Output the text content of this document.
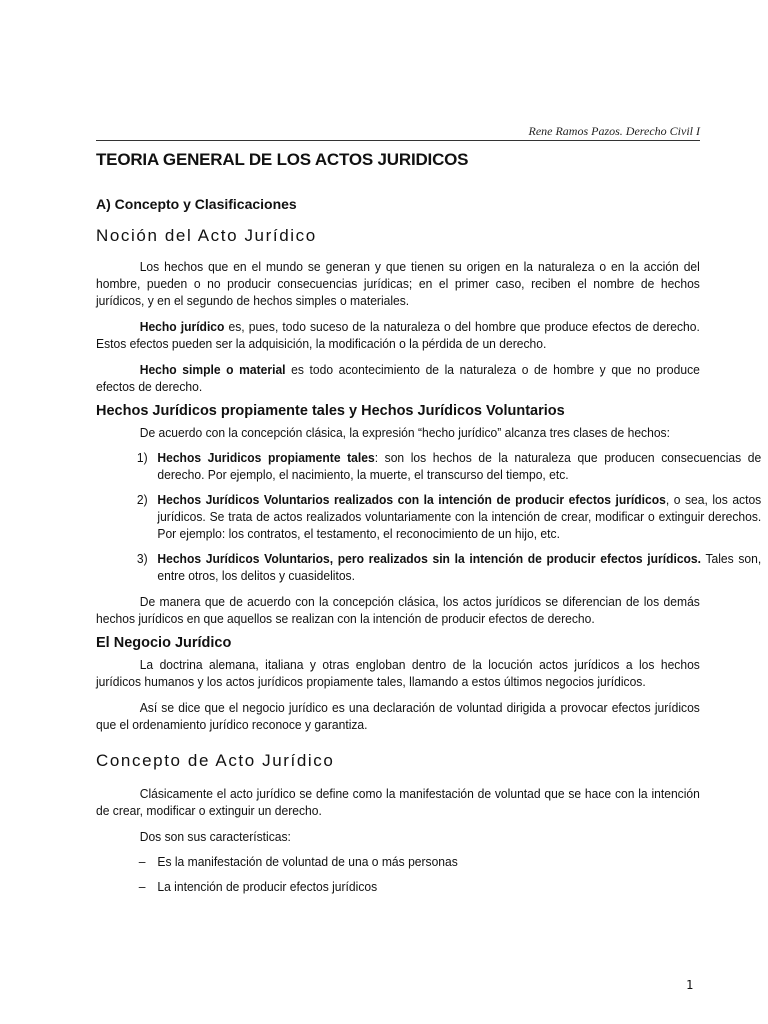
Rene Ramos Pazos. Derecho Civil I
TEORIA GENERAL DE LOS ACTOS JURIDICOS
A) Concepto y Clasificaciones
Noción del Acto Jurídico

Los hechos que en el mundo se generan y que tienen su origen en la naturaleza o en la acción del hombre, pueden o no producir consecuencias jurídicas; en el primer caso, reciben el nombre de hechos jurídicos, y en el segundo de hechos simples o materiales.

Hecho jurídico es, pues, todo suceso de la naturaleza o del hombre que produce efectos de derecho. Estos efectos pueden ser la adquisición, la modificación o la pérdida de un derecho.

Hecho simple o material es todo acontecimiento de la naturaleza o de hombre y que no produce efectos de derecho.

Hechos Jurídicos propiamente tales y Hechos Jurídicos Voluntarios

De acuerdo con la concepción clásica, la expresión “hecho jurídico” alcanza tres clases de hechos:

1) Hechos Juridicos propiamente tales: son los hechos de la naturaleza que producen consecuencias de derecho. Por ejemplo, el nacimiento, la muerte, el transcurso del tiempo, etc.

2) Hechos Jurídicos Voluntarios realizados con la intención de producir efectos jurídicos, o sea, los actos jurídicos. Se trata de actos realizados voluntariamente con la intención de crear, modificar o extinguir derechos. Por ejemplo: los contratos, el testamento, el reconocimiento de un hijo, etc.

3) Hechos Jurídicos Voluntarios, pero realizados sin la intención de producir efectos jurídicos. Tales son, entre otros, los delitos y cuasidelitos.

De manera que de acuerdo con la concepción clásica, los actos jurídicos se diferencian de los demás hechos jurídicos en que aquellos se realizan con la intención de producir efectos de derecho.

El Negocio Jurídico

La doctrina alemana, italiana y otras engloban dentro de la locución actos jurídicos a los hechos jurídicos humanos y los actos jurídicos propiamente tales, llamando a estos últimos negocios jurídicos.

Así se dice que el negocio jurídico es una declaración de voluntad dirigida a provocar efectos jurídicos que el ordenamiento jurídico reconoce y garantiza.

Concepto de Acto Jurídico

Clásicamente el acto jurídico se define como la manifestación de voluntad que se hace con la intención de crear, modificar o extinguir un derecho.

Dos son sus características:

– Es la manifestación de voluntad de una o más personas

– La intención de producir efectos jurídicos

1
